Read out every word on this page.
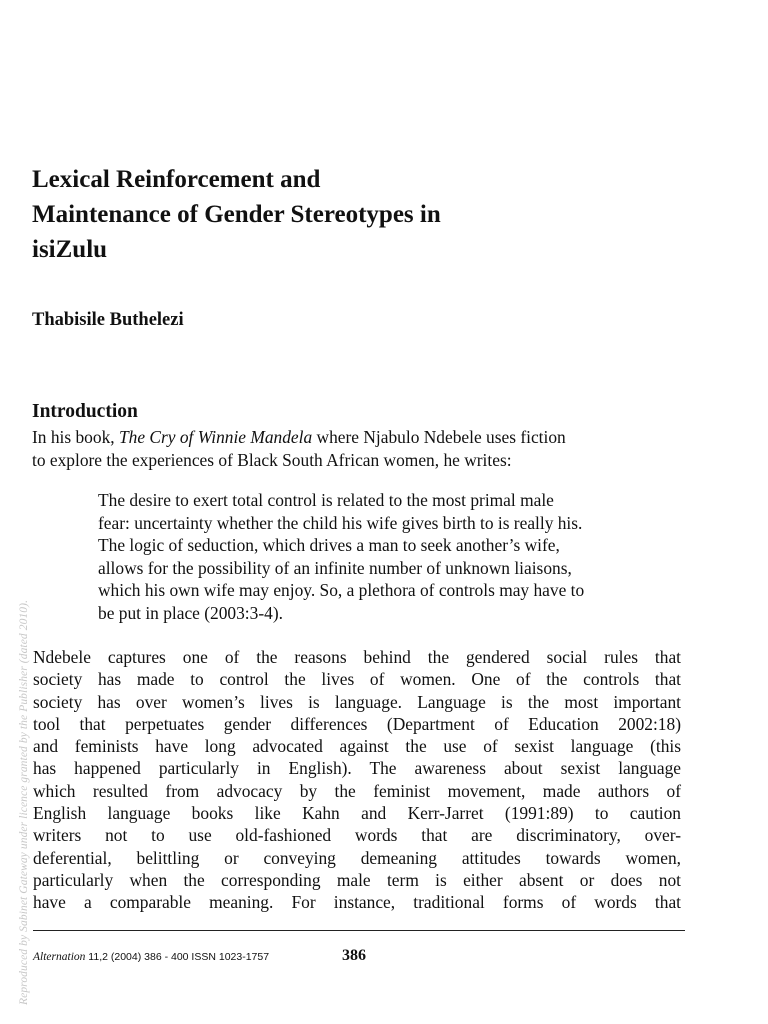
Lexical Reinforcement and
Maintenance of Gender Stereotypes in
isiZulu
Thabisile Buthelezi
Introduction
In his book, The Cry of Winnie Mandela where Njabulo Ndebele uses fiction
to explore the experiences of Black South African women, he writes:
The desire to exert total control is related to the most primal male
fear: uncertainty whether the child his wife gives birth to is really his.
The logic of seduction, which drives a man to seek another’s wife,
allows for the possibility of an infinite number of unknown liaisons,
which his own wife may enjoy. So, a plethora of controls may have to
be put in place (2003:3-4).
Ndebele captures one of the reasons behind the gendered social rules that
society has made to control the lives of women. One of the controls that
society has over women’s lives is language. Language is the most important
tool that perpetuates gender differences (Department of Education 2002:18)
and feminists have long advocated against the use of sexist language (this
has happened particularly in English). The awareness about sexist language
which resulted from advocacy by the feminist movement, made authors of
English language books like Kahn and Kerr-Jarret (1991:89) to caution
writers not to use old-fashioned words that are discriminatory, over-
deferential, belittling or conveying demeaning attitudes towards women,
particularly when the corresponding male term is either absent or does not
have a comparable meaning. For instance, traditional forms of words that
Alternation 11,2 (2004) 386 - 400 ISSN 1023-1757	386
Reproduced by Sabinet Gateway under licence granted by the Publisher (dated 2010).
